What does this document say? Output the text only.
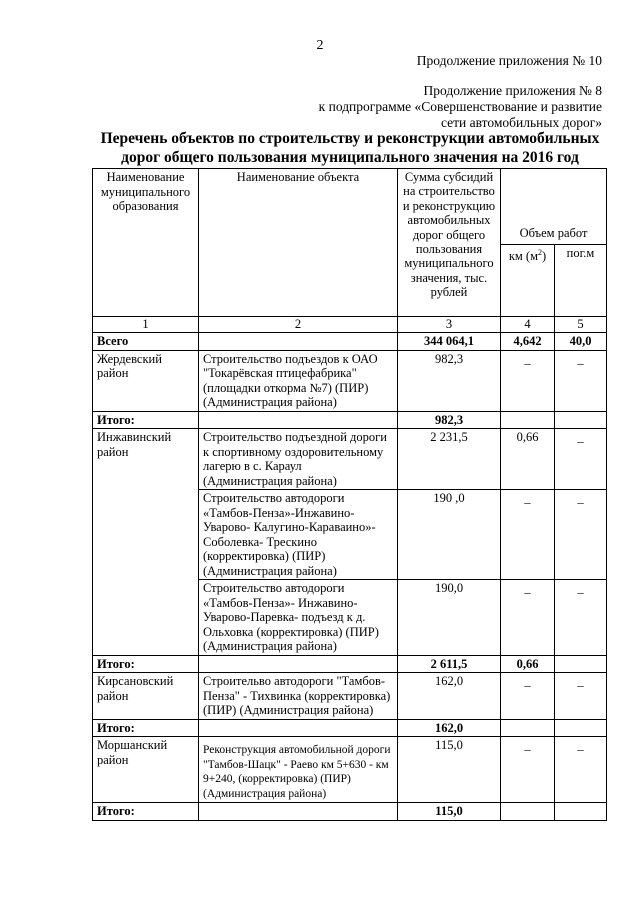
2
Продолжение приложения № 10
Продолжение приложения № 8
к подпрограмме «Совершенствование и развитие
сети автомобильных дорог»
Перечень объектов по строительству и реконструкции автомобильных
дорог общего пользования муниципального значения на 2016 год
Наименование муниципального образования	Наименование объекта	Сумма субсидий на строительство и реконструкцию автомобильных дорог общего пользования муниципального значения, тыс. рублей	Объем работ	
			км $(м^2)$	пог.м
1	2	3	4	5
Всего		344 064,1	4,642	40,0
Жердевский район	Строительство подъездов к ОАО "Токарёвская птицефабрика" (площадки откорма №7) (ПИР) (Администрация района)	982,3	_	_
Итого:		982,3		
Инжавинский район	Строительство подъездной дороги к спортивному оздоровительному лагерю в с. Караул (Администрация района)	2 231,5	0,66	_
	Строительство автодороги «Тамбов-Пенза»-Инжавино-Уварово- Калугино-Караваино»-Соболевка- Трескино (корректировка) (ПИР) (Администрация района)	190 ,0	_	_
	Строительство автодороги «Тамбов-Пенза»- Инжавино-Уварово-Паревка- подъезд к д. Ольховка (корректировка) (ПИР) (Администрация района)	190,0	_	_
Итого:		2 611,5	0,66	
Кирсановский район	Строительво автодороги "Тамбов-Пенза" - Тихвинка (корректировка) (ПИР) (Администрация района)	162,0	_	_
Итого:		162,0		
Моршанский район	Реконструкция автомобильной дороги "Тамбов-Шацк" - Раево км 5+630 - км 9+240, (корректировка) (ПИР) (Администрация района)	115,0	_	_
Итого:		115,0		
